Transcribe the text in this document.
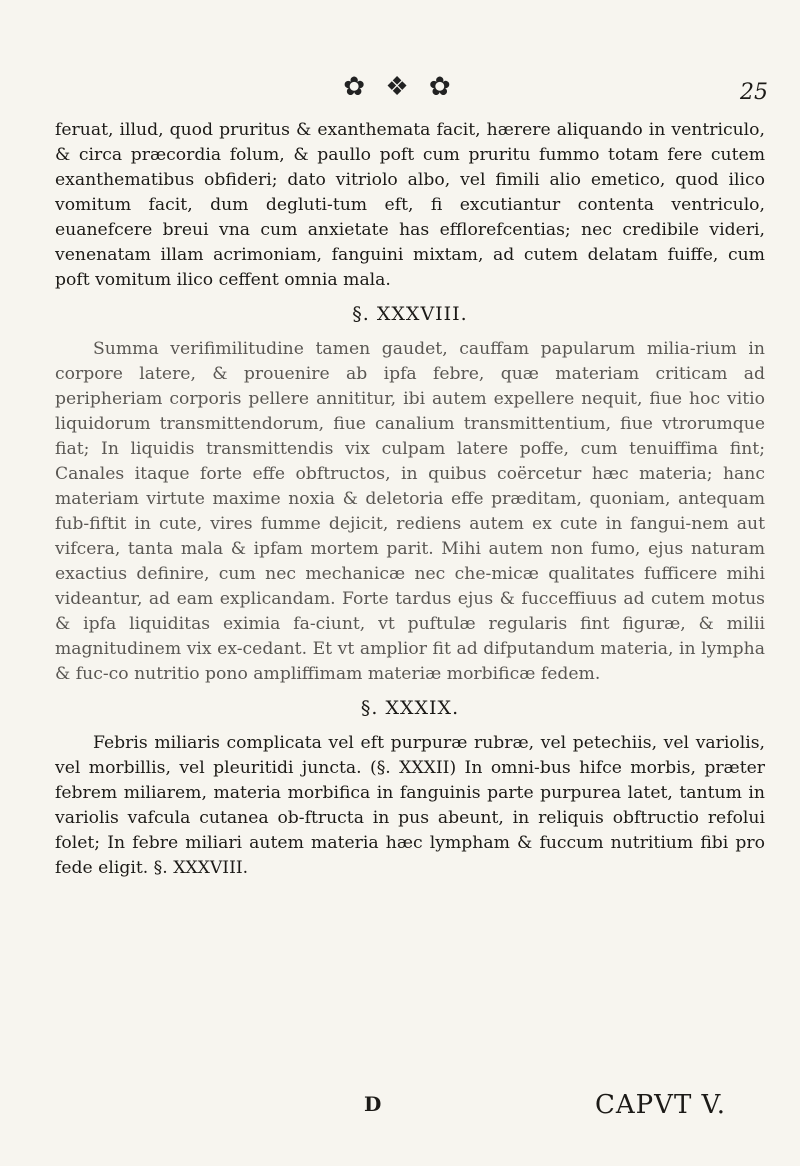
✿ ❖ ✿	25

feruat, illud, quod pruritus & exanthemata facit, hærere aliquando in ventriculo, & circa præcordia folum, & paullo poft cum pruritu fummo totam fere cutem exanthematibus obfideri; dato vitriolo albo, vel fimili alio emetico, quod ilico vomitum facit, dum degluti-tum eft, fi excutiantur contenta ventriculo, euanefcere breui vna cum anxietate has efflorefcentias; nec credibile videri, venenatam illam acrimoniam, fanguini mixtam, ad cutem delatam fuiffe, cum poft vomitum ilico ceffent omnia mala.

§. XXXVIII.

Summa verifimilitudine tamen gaudet, cauffam papularum milia-rium in corpore latere, & prouenire ab ipfa febre, quæ materiam criticam ad peripheriam corporis pellere annititur, ibi autem expellere nequit, fiue hoc vitio liquidorum transmittendorum, fiue canalium transmittentium, fiue vtrorumque fiat; In liquidis transmittendis vix culpam latere poffe, cum tenuiffima fint; Canales itaque forte effe obftructos, in quibus coërcetur hæc materia; hanc materiam virtute maxime noxia & deletoria effe præditam, quoniam, antequam fub-fiftit in cute, vires fumme dejicit, rediens autem ex cute in fangui-nem aut vifcera, tanta mala & ipfam mortem parit. Mihi autem non fumo, ejus naturam exactius definire, cum nec mechanicæ nec che-micæ qualitates fufficere mihi videantur, ad eam explicandam. Forte tardus ejus & fucceffiuus ad cutem motus & ipfa liquiditas eximia fa-ciunt, vt puftulæ regularis fint figuræ, & milii magnitudinem vix ex-cedant. Et vt amplior fit ad difputandum materia, in lympha & fuc-co nutritio pono ampliffimam materiæ morbificæ fedem.

§. XXXIX.

Febris miliaris complicata vel eft purpuræ rubræ, vel petechiis, vel variolis, vel morbillis, vel pleuritidi juncta. (§. XXXII) In omni-bus hifce morbis, præter febrem miliarem, materia morbifica in fanguinis parte purpurea latet, tantum in variolis vafcula cutanea ob-ftructa in pus abeunt, in reliquis obftructio refolui folet; In febre miliari autem materia hæc lympham & fuccum nutritium fibi pro fede eligit. §. XXXVIII.

D	CAPVT V.
